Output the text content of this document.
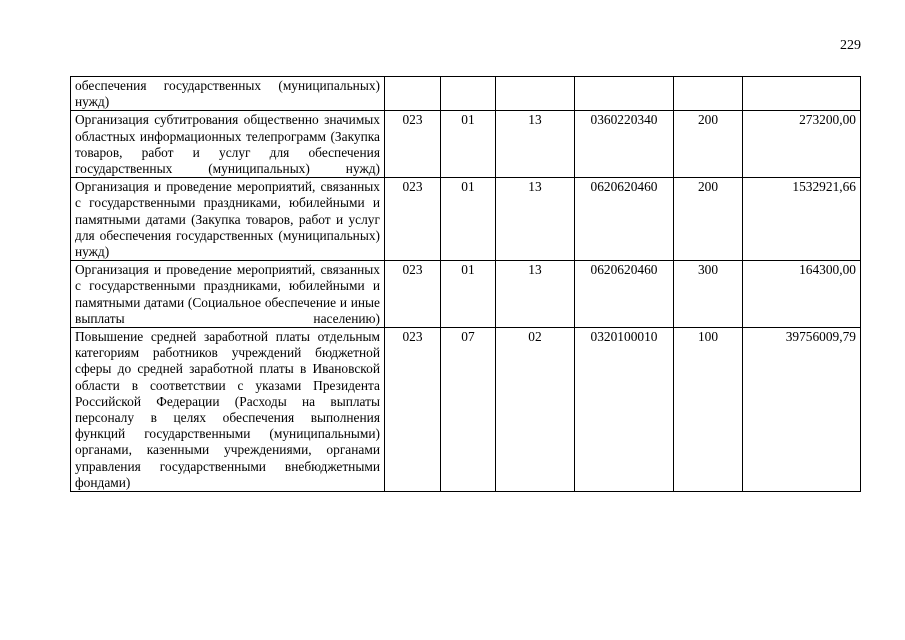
229
обеспечения государственных (муниципальных) нужд)						

Организация субтитрования общественно значимых областных информационных телепрограмм (Закупка товаров, работ и услуг для обеспечения государственных (муниципальных) нужд)	023	01	13	0360220340	200	273200,00

Организация и проведение мероприятий, связанных с государственными праздниками, юбилейными и памятными датами (Закупка товаров, работ и услуг для обеспечения государственных (муниципальных) нужд)	023	01	13	0620620460	200	1532921,66

Организация и проведение мероприятий, связанных с государственными праздниками, юбилейными и памятными датами (Социальное обеспечение и иные выплаты населению)	023	01	13	0620620460	300	164300,00

Повышение средней заработной платы отдельным категориям работников учреждений бюджетной сферы до средней заработной платы в Ивановской области в соответствии с указами Президента Российской Федерации (Расходы на выплаты персоналу в целях обеспечения выполнения функций государственными (муниципальными) органами, казенными учреждениями, органами управления государственными внебюджетными фондами)	023	07	02	0320100010	100	39756009,79
